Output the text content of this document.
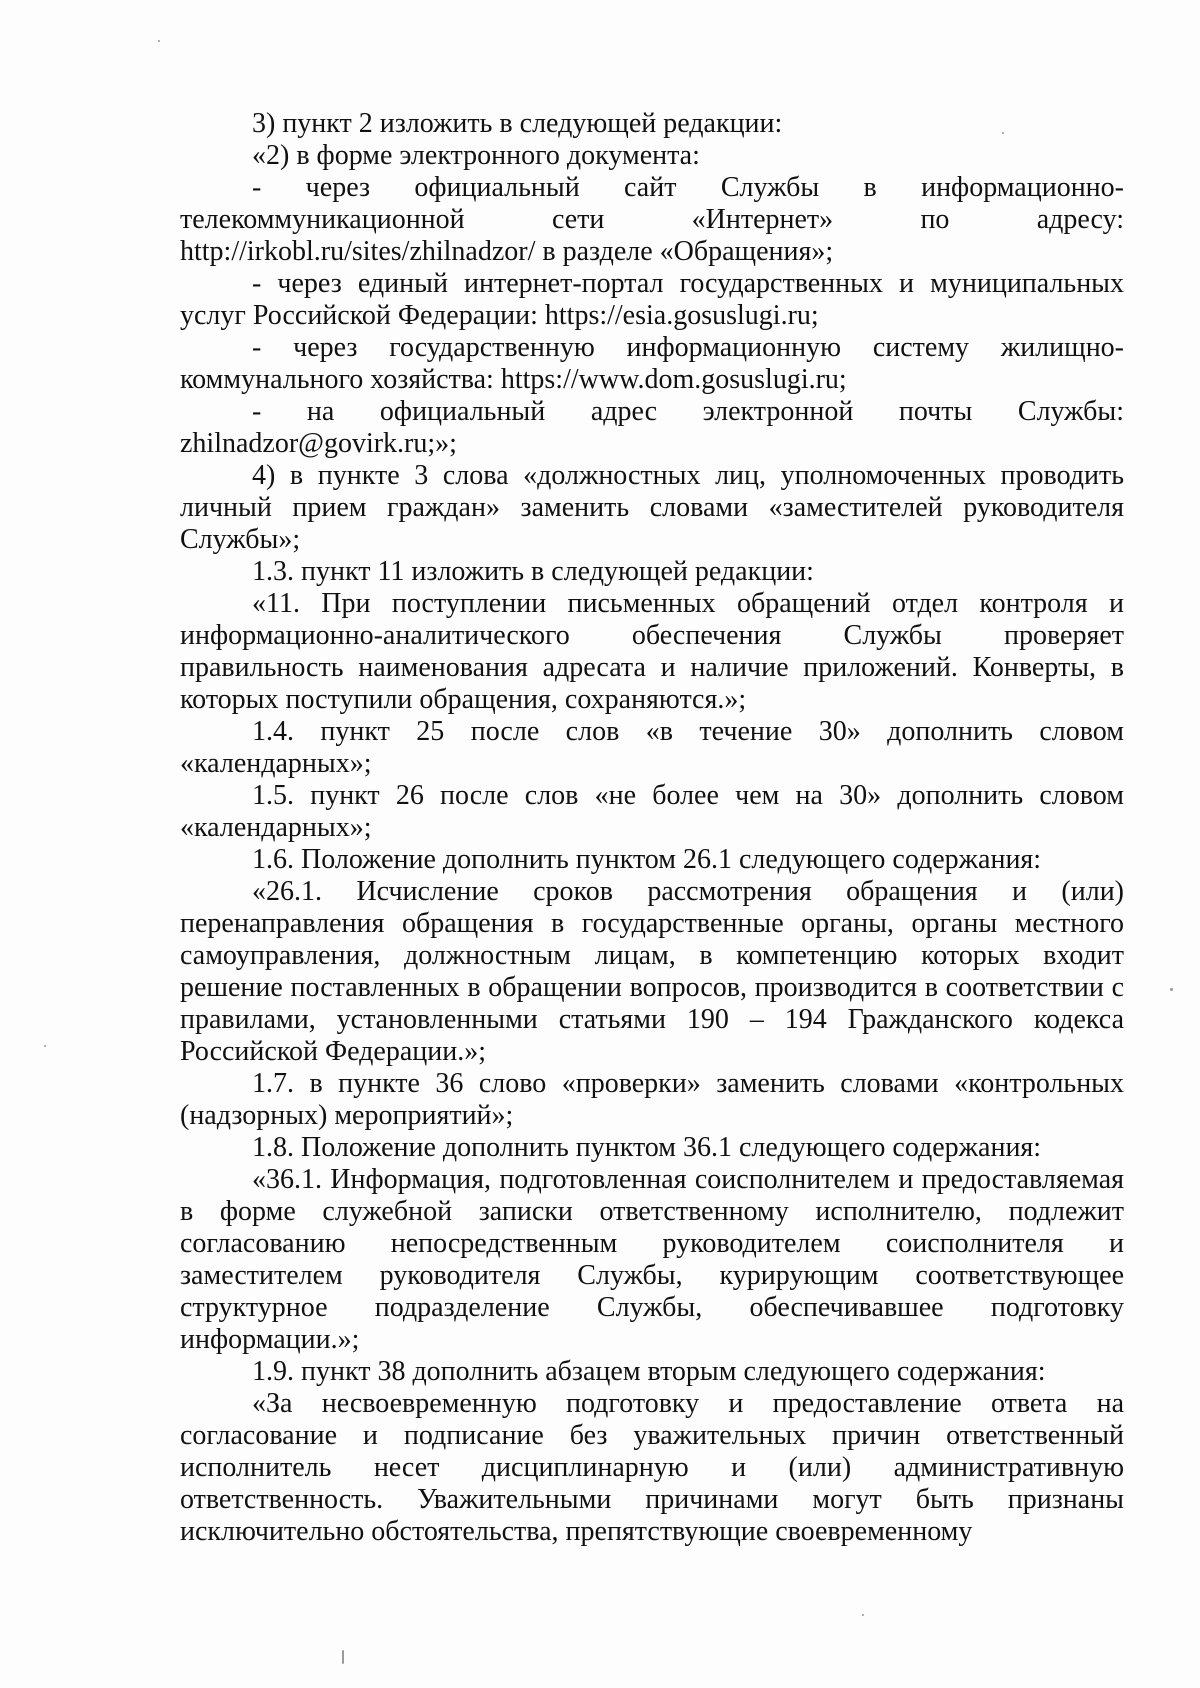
3) пункт 2 изложить в следующей редакции:

«2) в форме электронного документа:

- через официальный сайт Службы в информационно-телекоммуникационной сети «Интернет» по адресу: http://irkobl.ru/sites/zhilnadzor/ в разделе «Обращения»;

- через единый интернет-портал государственных и муниципальных услуг Российской Федерации: https://esia.gosuslugi.ru;

- через государственную информационную систему жилищно-коммунального хозяйства: https://www.dom.gosuslugi.ru;

- на официальный адрес электронной почты Службы: zhilnadzor@govirk.ru;»;

4) в пункте 3 слова «должностных лиц, уполномоченных проводить личный прием граждан» заменить словами «заместителей руководителя Службы»;

1.3. пункт 11 изложить в следующей редакции:

«11. При поступлении письменных обращений отдел контроля и информационно-аналитического обеспечения Службы проверяет правильность наименования адресата и наличие приложений. Конверты, в которых поступили обращения, сохраняются.»;

1.4. пункт 25 после слов «в течение 30» дополнить словом «календарных»;

1.5. пункт 26 после слов «не более чем на 30» дополнить словом «календарных»;

1.6. Положение дополнить пунктом 26.1 следующего содержания:

«26.1. Исчисление сроков рассмотрения обращения и (или) перенаправления обращения в государственные органы, органы местного самоуправления, должностным лицам, в компетенцию которых входит решение поставленных в обращении вопросов, производится в соответствии с правилами, установленными статьями 190 – 194 Гражданского кодекса Российской Федерации.»;

1.7. в пункте 36 слово «проверки» заменить словами «контрольных (надзорных) мероприятий»;

1.8. Положение дополнить пунктом 36.1 следующего содержания:

«36.1. Информация, подготовленная соисполнителем и предоставляемая в форме служебной записки ответственному исполнителю, подлежит согласованию непосредственным руководителем соисполнителя и заместителем руководителя Службы, курирующим соответствующее структурное подразделение Службы, обеспечивавшее подготовку информации.»;

1.9. пункт 38 дополнить абзацем вторым следующего содержания:

«За несвоевременную подготовку и предоставление ответа на согласование и подписание без уважительных причин ответственный исполнитель несет дисциплинарную и (или) административную ответственность. Уважительными причинами могут быть признаны исключительно обстоятельства, препятствующие своевременному
